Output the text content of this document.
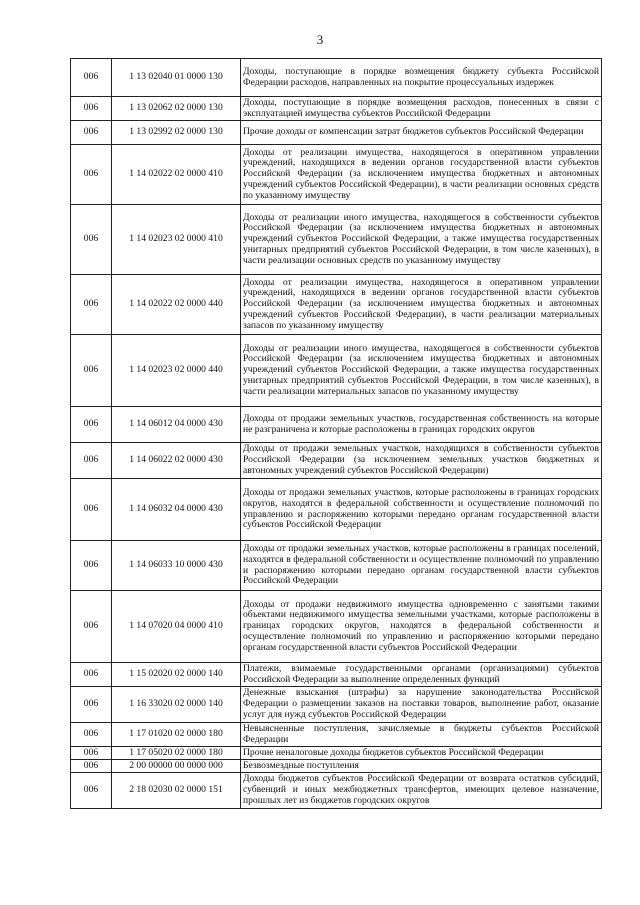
3
006	1 13 02040 01 0000 130	Доходы, поступающие в порядке возмещения бюджету субъекта Российской Федерации расходов, направленных на покрытие процессуальных издержек
006	1 13 02062 02 0000 130	Доходы, поступающие в порядке возмещения расходов, понесенных в связи с эксплуатацией имущества субъектов Российской Федерации
006	1 13 02992 02 0000 130	Прочие доходы от компенсации затрат бюджетов субъектов Российской Федерации
006	1 14 02022 02 0000 410	Доходы от реализации имущества, находящегося в оперативном управлении учреждений, находящихся в ведении органов государственной власти субъектов Российской Федерации (за исключением имущества бюджетных и автономных учреждений субъектов Российской Федерации), в части реализации основных средств по указанному имуществу
006	1 14 02023 02 0000 410	Доходы от реализации иного имущества, находящегося в собственности субъектов Российской Федерации (за исключением имущества бюджетных и автономных учреждений субъектов Российской Федерации, а также имущества государственных унитарных предприятий субъектов Российской Федерации, в том числе казенных), в части реализации основных средств по указанному имуществу
006	1 14 02022 02 0000 440	Доходы от реализации имущества, находящегося в оперативном управлении учреждений, находящихся в ведении органов государственной власти субъектов Российской Федерации (за исключением имущества бюджетных и автономных учреждений субъектов Российской Федерации), в части реализации материальных запасов по указанному имуществу
006	1 14 02023 02 0000 440	Доходы от реализации иного имущества, находящегося в собственности субъектов Российской Федерации (за исключением имущества бюджетных и автономных учреждений субъектов Российской Федерации, а также имущества государственных унитарных предприятий субъектов Российской Федерации, в том числе казенных), в части реализации материальных запасов по указанному имуществу
006	1 14 06012 04 0000 430	Доходы от продажи земельных участков, государственная собственность на которые не разграничена и которые расположены в границах городских округов
006	1 14 06022 02 0000 430	Доходы от продажи земельных участков, находящихся в собственности субъектов Российской Федерации (за исключением земельных участков бюджетных и автономных учреждений субъектов Российской Федерации)
006	1 14 06032 04 0000 430	Доходы от продажи земельных участков, которые расположены в границах городских округов, находятся в федеральной собственности и осуществление полномочий по управлению и распоряжению которыми передано органам государственной власти субъектов Российской Федерации
006	1 14 06033 10 0000 430	Доходы от продажи земельных участков, которые расположены в границах поселений, находятся в федеральной собственности и осуществление полномочий по управлению и распоряжению которыми передано органам государственной власти субъектов Российской Федерации
006	1 14 07020 04 0000 410	Доходы от продажи недвижимого имущества одновременно с занятыми такими объектами недвижимого имущества земельными участками, которые расположены в границах городских округов, находятся в федеральной собственности и осуществление полномочий по управлению и распоряжению которыми передано органам государственной власти субъектов Российской Федерации
006	1 15 02020 02 0000 140	Платежи, взимаемые государственными органами (организациями) субъектов Российской Федерации за выполнение определенных функций
006	1 16 33020 02 0000 140	Денежные взыскания (штрафы) за нарушение законодательства Российской Федерации о размещении заказов на поставки товаров, выполнение работ, оказание услуг для нужд субъектов Российской Федерации
006	1 17 01020 02 0000 180	Невыясненные поступления, зачисляемые в бюджеты субъектов Российской Федерации
006	1 17 05020 02 0000 180	Прочие неналоговые доходы бюджетов субъектов Российской Федерации
006	2 00 00000 00 0000 000	Безвозмездные поступления
006	2 18 02030 02 0000 151	Доходы бюджетов субъектов Российской Федерации от возврата остатков субсидий, субвенций и иных межбюджетных трансфертов, имеющих целевое назначение, прошлых лет из бюджетов городских округов
